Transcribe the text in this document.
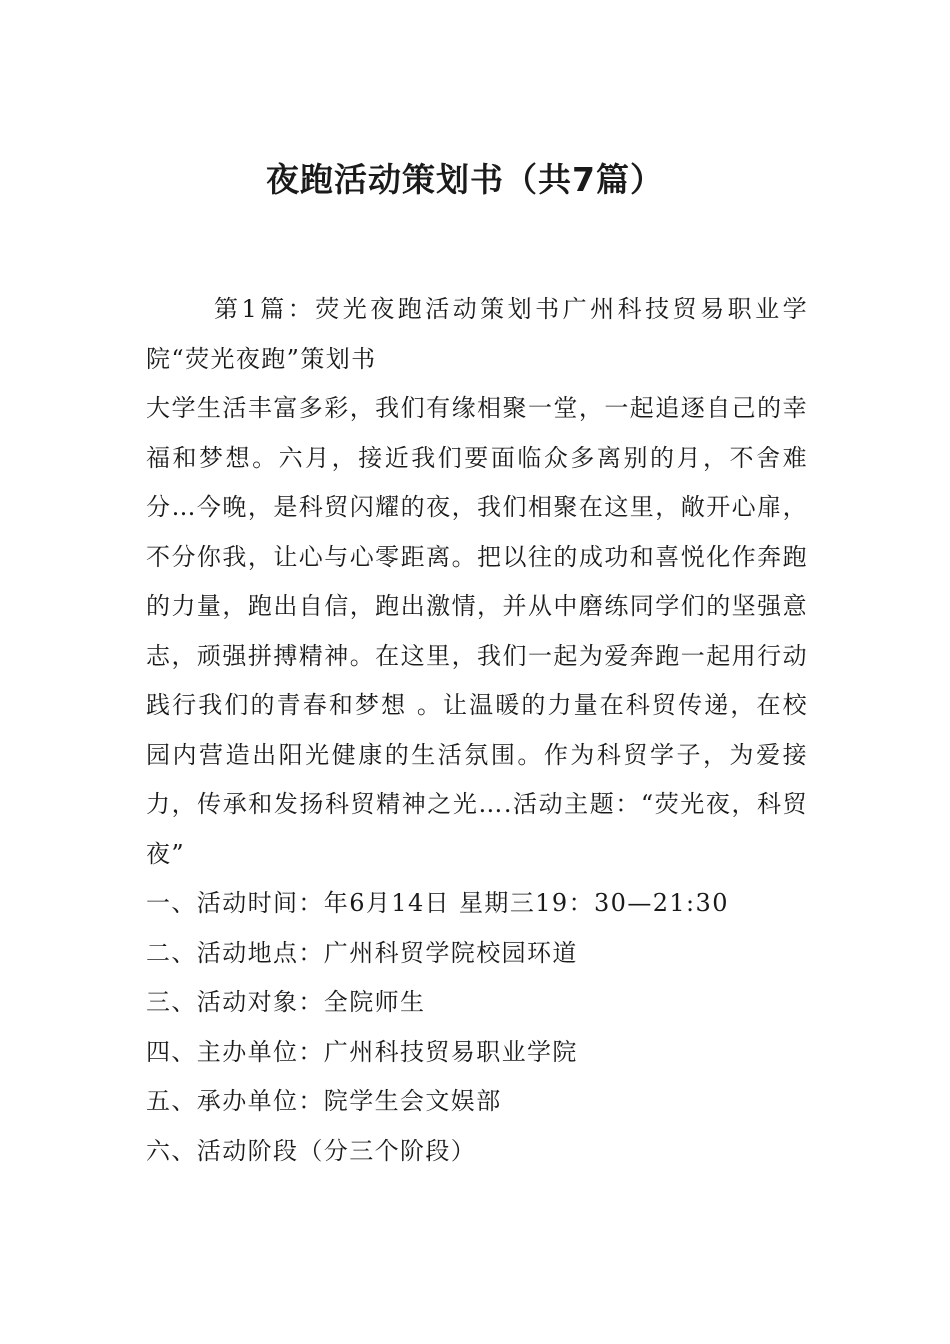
夜跑活动策划书（共7篇）

第1篇：荧光夜跑活动策划书广州科技贸易职业学院“荧光夜跑”策划书

大学生活丰富多彩，我们有缘相聚一堂，一起追逐自己的幸福和梦想。六月，接近我们要面临众多离别的月，不舍难分…今晚，是科贸闪耀的夜，我们相聚在这里，敞开心扉，不分你我，让心与心零距离。把以往的成功和喜悦化作奔跑的力量，跑出自信，跑出激情，并从中磨练同学们的坚强意志，顽强拼搏精神。在这里，我们一起为爱奔跑一起用行动践行我们的青春和梦想 。让温暖的力量在科贸传递，在校园内营造出阳光健康的生活氛围。作为科贸学子，为爱接力，传承和发扬科贸精神之光….活动主题：“荧光夜，科贸夜”

一、活动时间：年6月14日 星期三19：30—21:30

二、活动地点：广州科贸学院校园环道

三、活动对象：全院师生

四、主办单位：广州科技贸易职业学院

五、承办单位：院学生会文娱部

六、活动阶段（分三个阶段）
